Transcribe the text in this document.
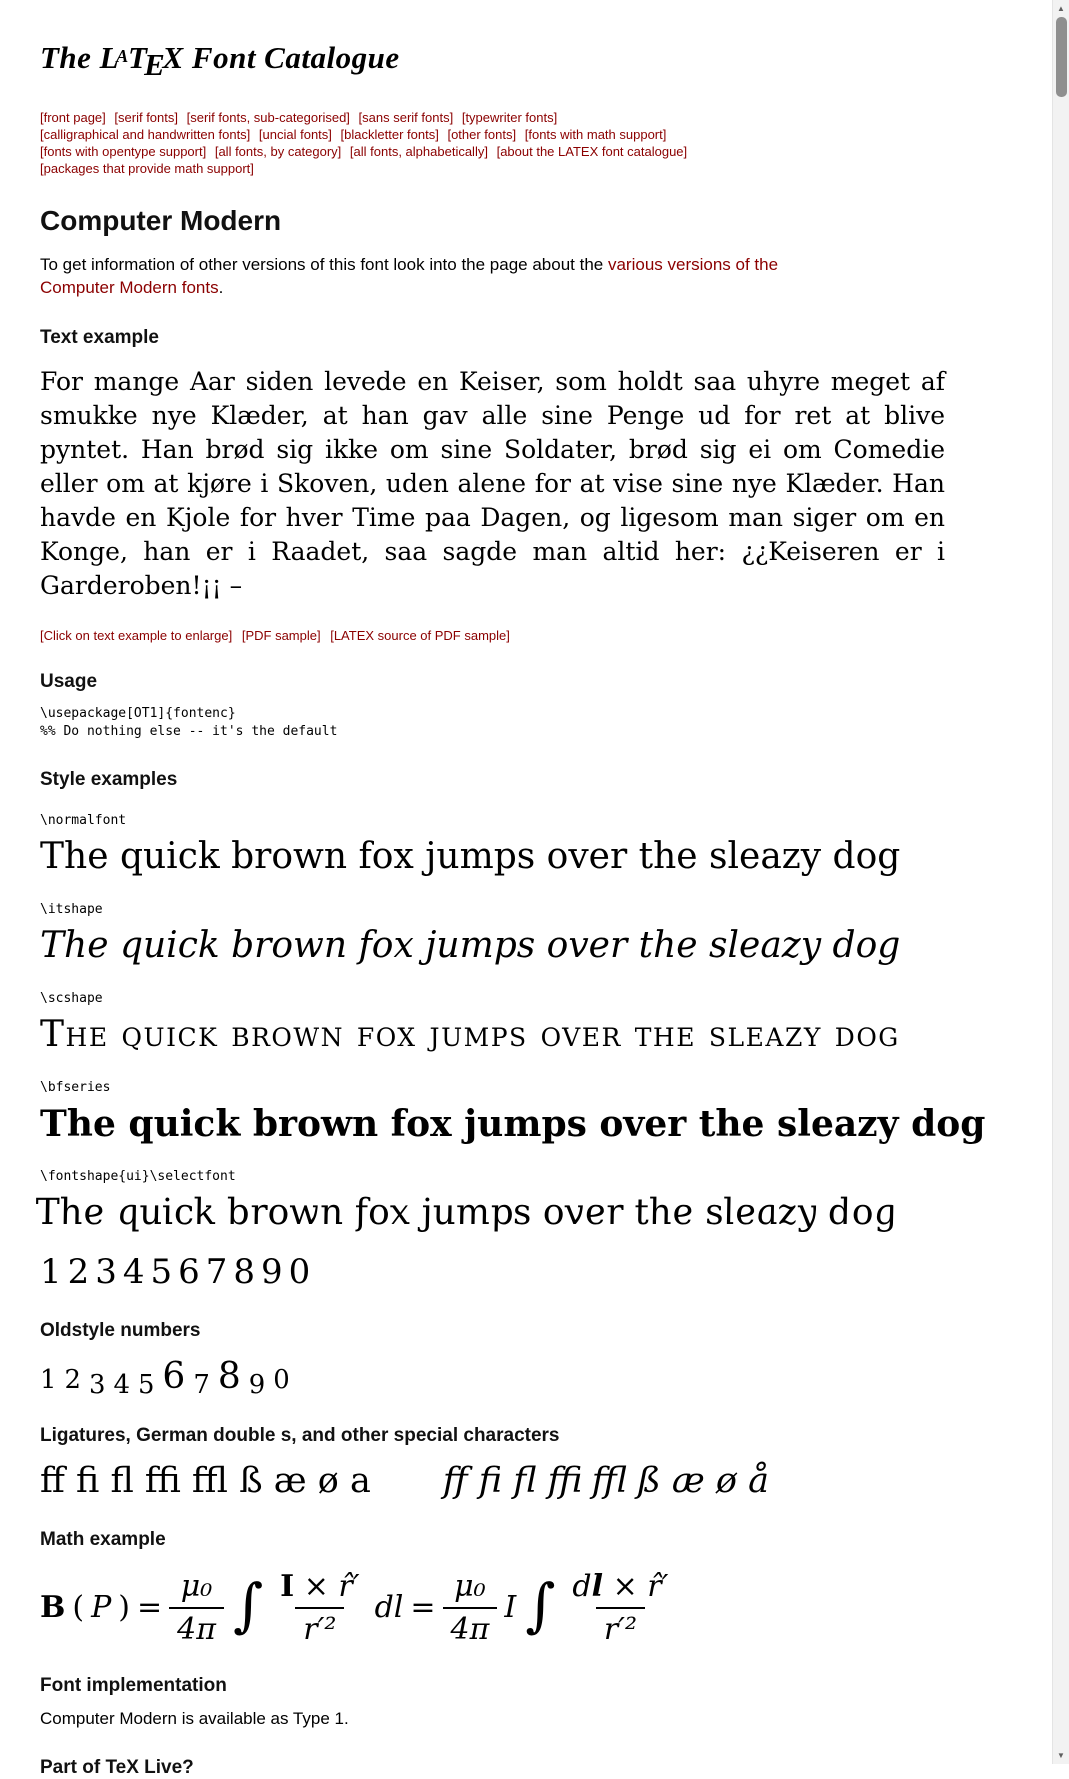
The LATEX Font Catalogue
[front page] [serif fonts] [serif fonts, sub-categorised] [sans serif fonts] [typewriter fonts]
[calligraphical and handwritten fonts] [uncial fonts] [blackletter fonts] [other fonts] [fonts with math support]
[fonts with opentype support] [all fonts, by category] [all fonts, alphabetically] [about the LATEX font catalogue]
[packages that provide math support]
Computer Modern

To get information of other versions of this font look into the page about the various versions of the Computer Modern fonts.

Text example

For mange Aar siden levede en Keiser, som holdt saa uhyre meget af smukke nye Klæder, at han gav alle sine Penge ud for ret at blive pyntet. Han brød sig ikke om sine Soldater, brød sig ei om Comedie eller om at kjøre i Skoven, uden alene for at vise sine nye Klæder. Han havde en Kjole for hver Time paa Dagen, og ligesom man siger om en Konge, han er i Raadet, saa sagde man altid her: ¿¿Keiseren er i Garderoben!¡¡ –

[Click on text example to enlarge] [PDF sample] [LATEX source of PDF sample]
Usage
\usepackage[OT1]{fontenc}
%% Do nothing else -- it's the default
Style examples
\normalfont
The quick brown fox jumps over the sleazy dog
\itshape
The quick brown fox jumps over the sleazy dog
\scshape
The quick brown fox jumps over the sleazy dog
\bfseries
The quick brown fox jumps over the sleazy dog
\fontshape{ui}\selectfont
The quick brown fox jumps over the sleazy dog
1234567890
Oldstyle numbers
1234567890
Ligatures, German double s, and other special characters
ﬀ ﬁ ﬂ ﬃ ﬄ ß æ ø a ﬀ ﬁ ﬂ ﬃ ﬄ ß æ ø å
Math example
B ( P ) = $\frac{\text{μ₀}}{4\pi}$ ∫ $\frac{I \times r̂'}{\text{r′²}}$ dl = $\frac{\text{μ₀}}{4\pi}$ I ∫ $\frac{dl \times r̂'}{\text{r′²}}$
Font implementation

Computer Modern is available as Type 1.

Part of TeX Live?
▲
▼
